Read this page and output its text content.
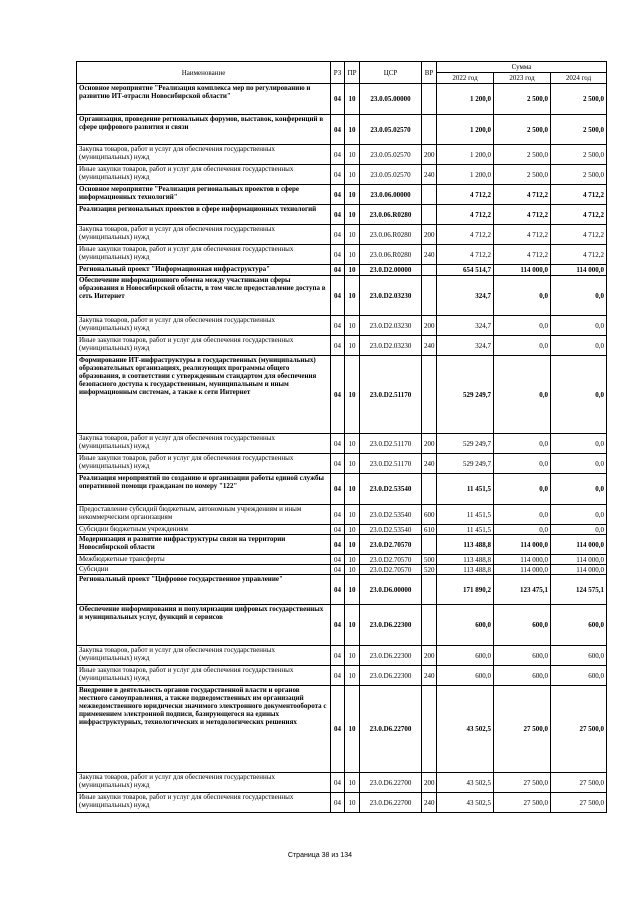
Наименование	РЗ	ПР	ЦСР	ВР	Сумма		
					2022 год	2023 год	2024 год
Основное мероприятие "Реализация комплекса мер по регулированию и развитию ИТ-отрасли Новосибирской области"	04	10	23.0.05.00000		1 200,0	2 500,0	2 500,0
Организация, проведение региональных форумов, выставок, конференций в сфере цифрового развития и связи	04	10	23.0.05.02570		1 200,0	2 500,0	2 500,0
Закупка товаров, работ и услуг для обеспечения государственных (муниципальных) нужд	04	10	23.0.05.02570	200	1 200,0	2 500,0	2 500,0
Иные закупки товаров, работ и услуг для обеспечения государственных (муниципальных) нужд	04	10	23.0.05.02570	240	1 200,0	2 500,0	2 500,0
Основное мероприятие "Реализация региональных проектов в сфере информационных технологий"	04	10	23.0.06.00000		4 712,2	4 712,2	4 712,2
Реализация региональных проектов в сфере информационных технологий	04	10	23.0.06.R0280		4 712,2	4 712,2	4 712,2
Закупка товаров, работ и услуг для обеспечения государственных (муниципальных) нужд	04	10	23.0.06.R0280	200	4 712,2	4 712,2	4 712,2
Иные закупки товаров, работ и услуг для обеспечения государственных (муниципальных) нужд	04	10	23.0.06.R0280	240	4 712,2	4 712,2	4 712,2
Региональный проект "Информационная инфраструктура"	04	10	23.0.D2.00000		654 514,7	114 000,0	114 000,0
Обеспечение информационного обмена между участниками сферы образования в Новосибирской области, в том числе предоставление доступа в сеть Интернет	04	10	23.0.D2.03230		324,7	0,0	0,0
Закупка товаров, работ и услуг для обеспечения государственных (муниципальных) нужд	04	10	23.0.D2.03230	200	324,7	0,0	0,0
Иные закупки товаров, работ и услуг для обеспечения государственных (муниципальных) нужд	04	10	23.0.D2.03230	240	324,7	0,0	0,0
Формирование ИТ-инфраструктуры в государственных (муниципальных) образовательных организациях, реализующих программы общего образования, в соответствии с утвержденным стандартом для обеспечения безопасного доступа к государственным, муниципальным и иным информационным системам, а также к сети Интернет	04	10	23.0.D2.51170		529 249,7	0,0	0,0
Закупка товаров, работ и услуг для обеспечения государственных (муниципальных) нужд	04	10	23.0.D2.51170	200	529 249,7	0,0	0,0
Иные закупки товаров, работ и услуг для обеспечения государственных (муниципальных) нужд	04	10	23.0.D2.51170	240	529 249,7	0,0	0,0
Реализация мероприятий по созданию и организации работы единой службы оперативной помощи гражданам по номеру "122"	04	10	23.0.D2.53540		11 451,5	0,0	0,0
Предоставление субсидий бюджетным, автономным учреждениям и иным некоммерческим организациям	04	10	23.0.D2.53540	600	11 451,5	0,0	0,0
Субсидии бюджетным учреждениям	04	10	23.0.D2.53540	610	11 451,5	0,0	0,0
Модернизация и развитие инфраструктуры связи на территории Новосибирской области	04	10	23.0.D2.70570		113 488,8	114 000,0	114 000,0
Межбюджетные трансферты	04	10	23.0.D2.70570	500	113 488,8	114 000,0	114 000,0
Субсидии	04	10	23.0.D2.70570	520	113 488,8	114 000,0	114 000,0
Региональный проект "Цифровое государственное управление"	04	10	23.0.D6.00000		171 890,2	123 475,1	124 575,1
Обеспечение информирования и популяризации цифровых государственных и муниципальных услуг, функций и сервисов	04	10	23.0.D6.22300		600,0	600,0	600,0
Закупка товаров, работ и услуг для обеспечения государственных (муниципальных) нужд	04	10	23.0.D6.22300	200	600,0	600,0	600,0
Иные закупки товаров, работ и услуг для обеспечения государственных (муниципальных) нужд	04	10	23.0.D6.22300	240	600,0	600,0	600,0
Внедрение в деятельность органов государственной власти и органов местного самоуправления, а также подведомственных им организаций межведомственного юридически значимого электронного документооборота с применением электронной подписи, базирующегося на единых инфраструктурных, технологических и методологических решениях	04	10	23.0.D6.22700		43 502,5	27 500,0	27 500,0
Закупка товаров, работ и услуг для обеспечения государственных (муниципальных) нужд	04	10	23.0.D6.22700	200	43 502,5	27 500,0	27 500,0
Иные закупки товаров, работ и услуг для обеспечения государственных (муниципальных) нужд	04	10	23.0.D6.22700	240	43 502,5	27 500,0	27 500,0
Страница 38 из 134
